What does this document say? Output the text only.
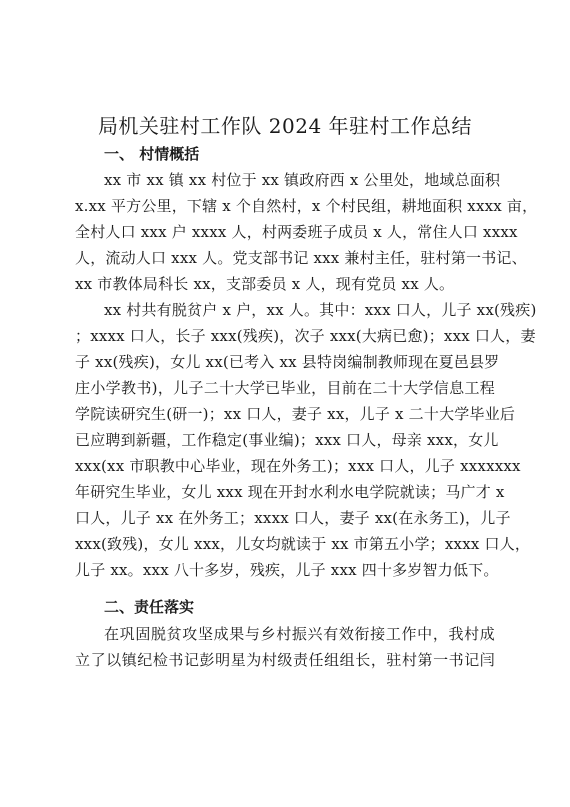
局机关驻村工作队 2024 年驻村工作总结
一、 村情概括
xx 市 xx 镇 xx 村位于 xx 镇政府西 x 公里处，地域总面积
x.xx 平方公里，下辖 x 个自然村，x 个村民组，耕地面积 xxxx 亩，
全村人口 xxx 户 xxxx 人，村两委班子成员 x 人，常住人口 xxxx
人，流动人口 xxx 人。党支部书记 xxx 兼村主任，驻村第一书记、
xx 市教体局科长 xx，支部委员 x 人，现有党员 xx 人。
xx 村共有脱贫户 x 户，xx 人。其中：xxx 口人，儿子 xx(残疾)
；xxxx 口人，长子 xxx(残疾)，次子 xxx(大病已愈)；xxx 口人，妻
子 xx(残疾)，女儿 xx(已考入 xx 县特岗编制教师现在夏邑县罗
庄小学教书)，儿子二十大学已毕业，目前在二十大学信息工程
学院读研究生(研一)；xx 口人，妻子 xx，儿子 x 二十大学毕业后
已应聘到新疆，工作稳定(事业编)；xxx 口人，母亲 xxx，女儿
xxx(xx 市职教中心毕业，现在外务工)；xxx 口人，儿子 xxxxxxx
年研究生毕业，女儿 xxx 现在开封水利水电学院就读；马广才 x
口人，儿子 xx 在外务工；xxxx 口人，妻子 xx(在永务工)，儿子
xxx(致残)，女儿 xxx，儿女均就读于 xx 市第五小学；xxxx 口人，
儿子 xx。xxx 八十多岁，残疾，儿子 xxx 四十多岁智力低下。
二、责任落实
在巩固脱贫攻坚成果与乡村振兴有效衔接工作中，我村成
立了以镇纪检书记彭明星为村级责任组组长，驻村第一书记闫
